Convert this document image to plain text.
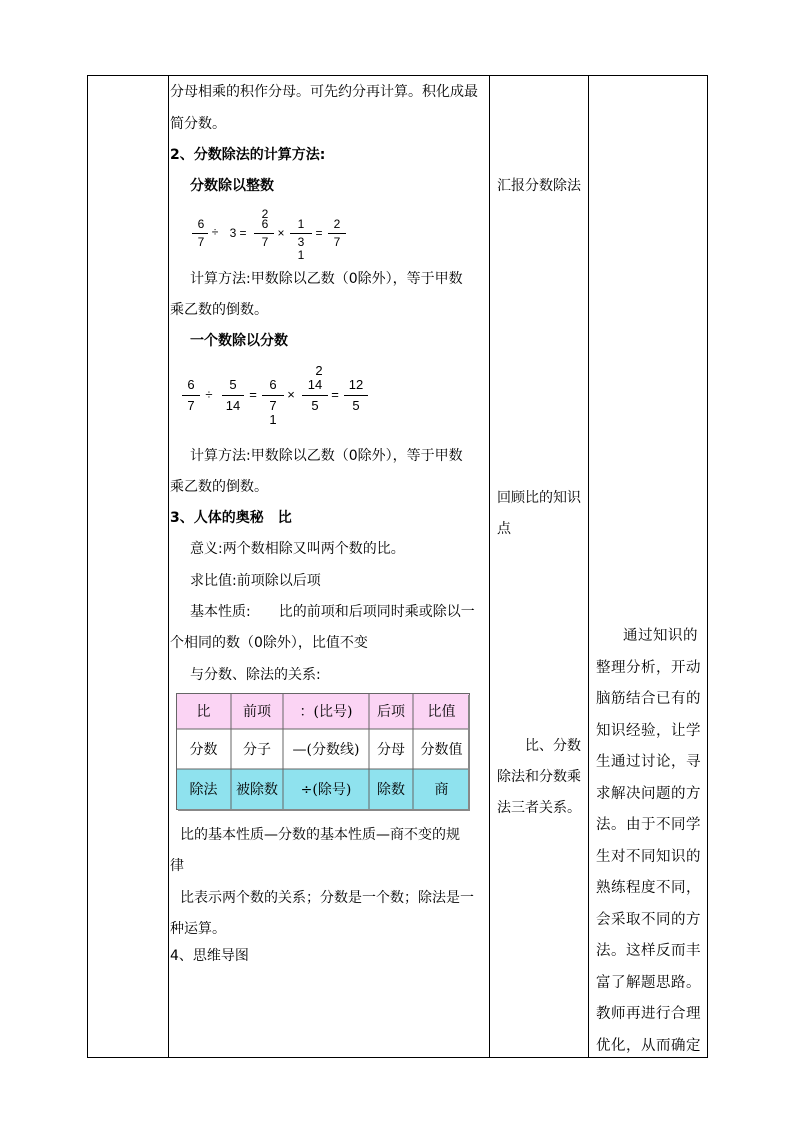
分母相乘的积作分母。可先约分再计算。积化成最
简分数。
2、分数除法的计算方法:
分数除以整数
6
7
÷ 3 =
2
6
7
×
1
3
1
=
2
7
计算方法:甲数除以乙数（0除外），等于甲数
乘乙数的倒数。
一个数除以分数
6
7
÷
5
14
=
6
7
1
×
2
14
5
=
12
5
计算方法:甲数除以乙数（0除外），等于甲数
乘乙数的倒数。
3、人体的奥秘　比
意义:两个数相除又叫两个数的比。
求比值:前项除以后项
基本性质:　　比的前项和后项同时乘或除以一
个相同的数（0除外），比值不变
与分数、除法的关系:
比的基本性质—分数的基本性质—商不变的规
律
比表示两个数的关系；分数是一个数；除法是一
种运算。
4、思维导图
比	前项	：(比号)	后项	比值
分数	分子	—(分数线)	分母	分数值
除法	被除数	÷(除号)	除数	商
汇报分数除法
回顾比的知识
点
比、分数
除法和分数乘
法三者关系。
通过知识的
整理分析，开动
脑筋结合已有的
知识经验，让学
生通过讨论，寻
求解决问题的方
法。由于不同学
生对不同知识的
熟练程度不同，
会采取不同的方
法。这样反而丰
富了解题思路。
教师再进行合理
优化，从而确定
